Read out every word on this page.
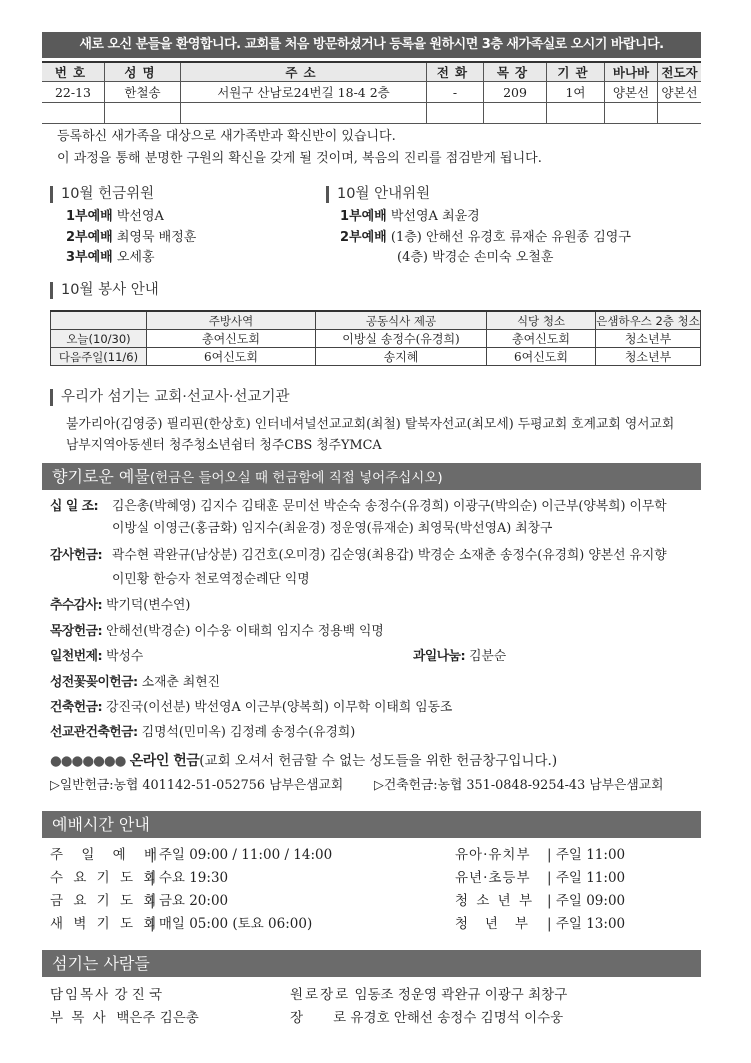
새로 오신 분들을 환영합니다. 교회를 처음 방문하셨거나 등록을 원하시면 3층 새가족실로 오시기 바랍니다.
번호	성명	주소	전화	목장	기관	바나바	전도자
22-13	한철송	서원구 산남로24번길 18-4 2층	-	209	1여	양본선	양본선

등록하신 새가족을 대상으로 새가족반과 확신반이 있습니다.
이 과정을 통해 분명한 구원의 확신을 갖게 될 것이며, 복음의 진리를 점검받게 됩니다.
10월 헌금위원
1부예배 박선영A
2부예배 최영묵 배정훈
3부예배 오세홍
10월 안내위원
1부예배 박선영A 최윤경
2부예배 (1층) 안해선 유경호 류재순 유원종 김영구
(4층) 박경순 손미숙 오철훈
10월 봉사 안내
	주방사역	공동식사 제공	식당 청소	은샘하우스 2층 청소
오늘(10/30)	총여신도회	이방실 송정수(유경희)	총여신도회	청소년부
다음주일(11/6)	6여신도회	송지혜	6여신도회	청소년부
우리가 섬기는 교회·선교사·선교기관
불가리아(김영중) 필리핀(한상호) 인터네셔널선교교회(최철) 탈북자선교(최모세) 두평교회 호계교회 영서교회
남부지역아동센터 청주청소년쉼터 청주CBS 청주YMCA
향기로운 예물(헌금은 들어오실 때 헌금함에 직접 넣어주십시오)
십 일 조: 김은총(박혜영) 김지수 김태훈 문미선 박순숙 송정수(유경희) 이광구(박의순) 이근부(양복희) 이무학
이방실 이영근(홍금화) 임지수(최윤경) 정운영(류재순) 최영묵(박선영A) 최창구
감사헌금: 곽수현 곽완규(남상분) 김건호(오미경) 김순영(최용갑) 박경순 소재춘 송정수(유경희) 양본선 유지향
이민황 한승자 천로역정순례단 익명
추수감사: 박기덕(변수연)
목장헌금: 안해선(박경순) 이수웅 이태희 임지수 정용백 익명
일천번제: 박성수	과일나눔: 김분순
성전꽃꽂이헌금: 소재춘 최현진
건축헌금: 강진국(이선분) 박선영A 이근부(양복희) 이무학 이태희 임동조
선교관건축헌금: 김명석(민미옥) 김정례 송정수(유경희)
●●●●●●● 온라인 헌금(교회 오셔서 헌금할 수 없는 성도들을 위한 헌금창구입니다.)
▷일반헌금:농협 401142-51-052756 남부은샘교회 ▷건축헌금:농협 351-0848-9254-43 남부은샘교회
예배시간 안내
주 일 예 배| 주일 09:00 / 11:00 / 14:00
수 요 기 도 회| 수요 19:30
금 요 기 도 회| 금요 20:00
새 벽 기 도 회| 매일 05:00 (토요 06:00)
유아·유치부 | 주일 11:00
유년·초등부 | 주일 11:00
청 소 년 부 | 주일 09:00
청   년   부 | 주일 13:00
섬기는 사람들
담임목사 강 진 국
부 목 사 백은주 김은총
원로장로 임동조 정운영 곽완규 이광구 최창구
장       로 유경호 안해선 송정수 김명석 이수웅
